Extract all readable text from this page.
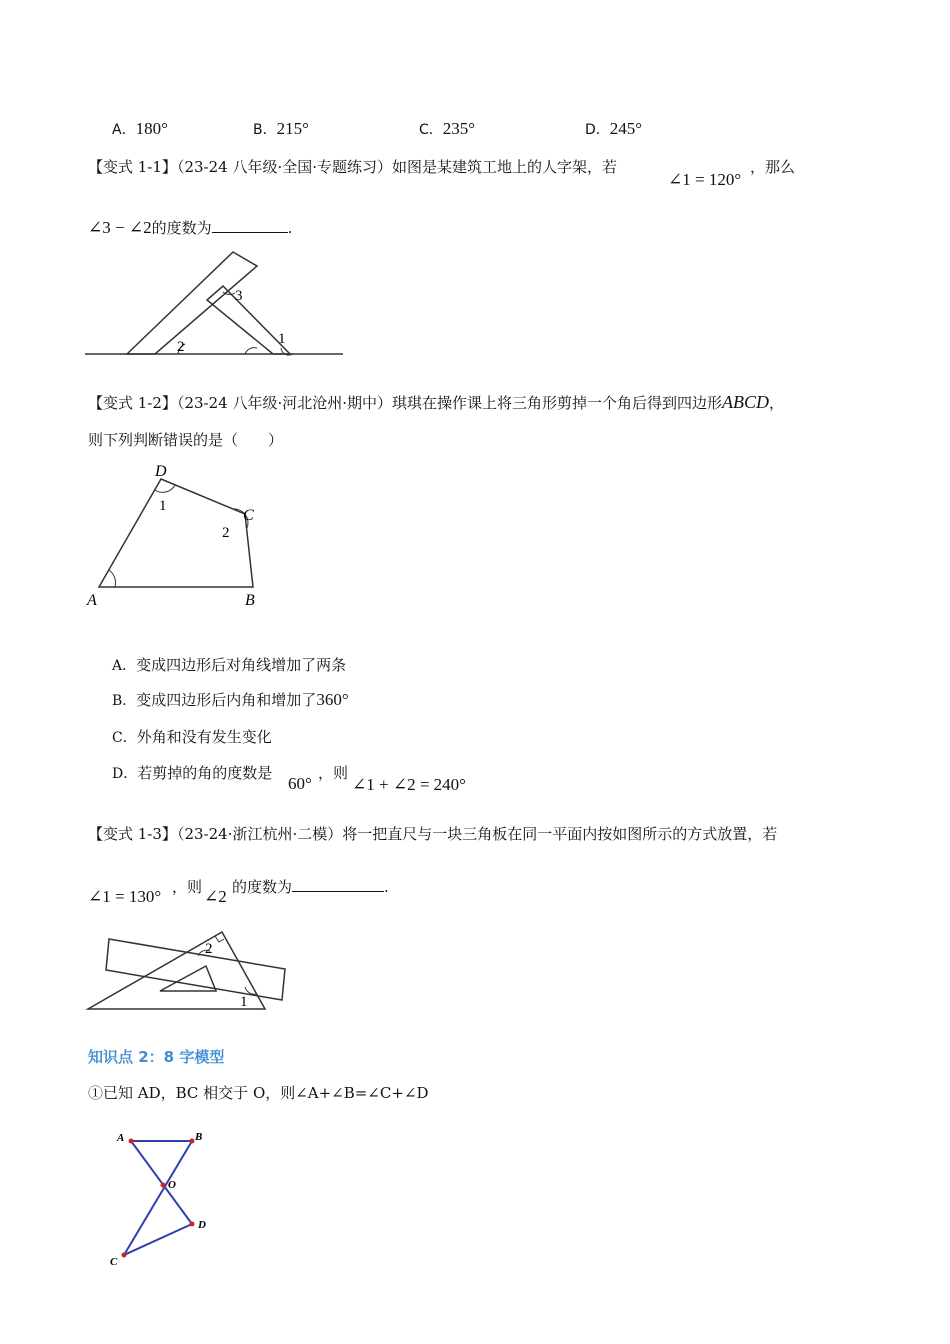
A．180°	B．215°	C．235°	D．245°
【变式 1-1】（23-24 八年级·全国·专题练习）如图是某建筑工地上的人字架，若
∠1 = 120°
，那么
∠3 − ∠2的度数为	.
3
2	1
【变式 1-2】（23-24 八年级·河北沧州·期中）琪琪在操作课上将三角形剪掉一个角后得到四边形ABCD，
则下列判断错误的是（　　）
D
C
A	B
1
2
A．变成四边形后对角线增加了两条
B．变成四边形后内角和增加了360°
C．外角和没有发生变化
D．若剪掉的角的度数是
60°
，则
∠1 + ∠2 = 240°
【变式 1-3】（23-24·浙江杭州·二模）将一把直尺与一块三角板在同一平面内按如图所示的方式放置，若
∠1 = 130° ，则 ∠2 的度数为	.
2
1
知识点 2：8 字模型
①已知 AD，BC 相交于 O，则∠A+∠B=∠C+∠D
A	B
O
D
C
